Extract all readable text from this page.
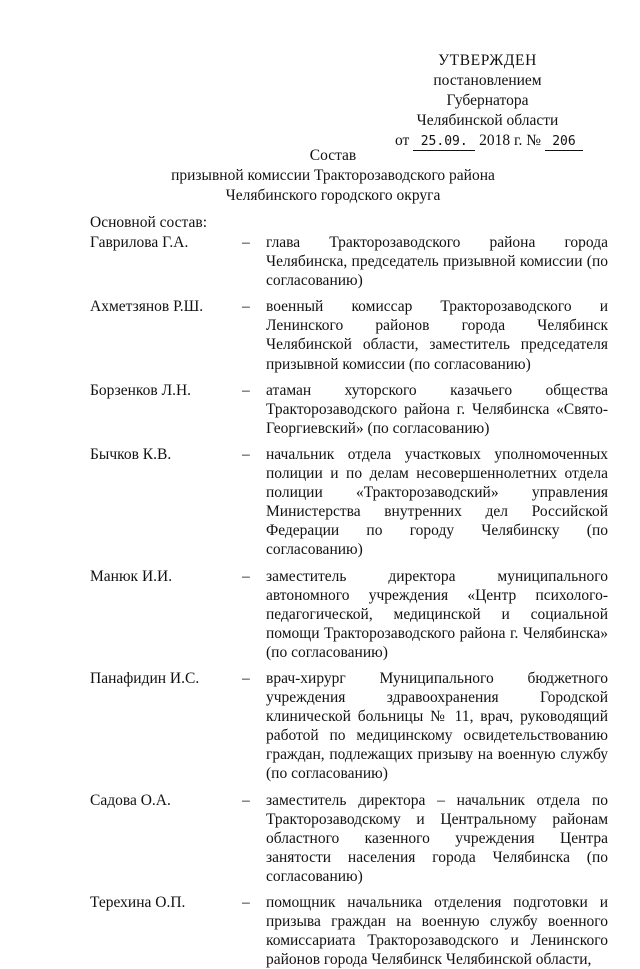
УТВЕРЖДЕН
постановлением Губернатора
Челябинской области
от 25.09. 2018 г. № 206
Состав
призывной комиссии Тракторозаводского района
Челябинского городского округа
Основной состав:
Гаврилова Г.А.	– глава Тракторозаводского района города Челябинска, председатель призывной комиссии (по согласованию)
Ахметзянов Р.Ш.	– военный комиссар Тракторозаводского и Ленинского районов города Челябинск Челябинской области, заместитель председателя призывной комиссии (по согласованию)
Борзенков Л.Н.	– атаман хуторского казачьего общества Тракторозаводского района г. Челябинска «Свято-Георгиевский» (по согласованию)
Бычков К.В.	– начальник отдела участковых уполномоченных полиции и по делам несовершеннолетних отдела полиции «Тракторозаводский» управления Министерства внутренних дел Российской Федерации по городу Челябинску (по согласованию)
Манюк И.И.	– заместитель директора муниципального автономного учреждения «Центр психолого-педагогической, медицинской и социальной помощи Тракторозаводского района г. Челябинска» (по согласованию)
Панафидин И.С.	– врач-хирург Муниципального бюджетного учреждения здравоохранения Городской клинической больницы № 11, врач, руководящий работой по медицинскому освидетельствованию граждан, подлежащих призыву на военную службу (по согласованию)
Садова О.А.	– заместитель директора – начальник отдела по Тракторозаводскому и Центральному районам областного казенного учреждения Центра занятости населения города Челябинска (по согласованию)
Терехина О.П.	– помощник начальника отделения подготовки и призыва граждан на военную службу военного комиссариата Тракторозаводского и Ленинского районов города Челябинск Челябинской области,
